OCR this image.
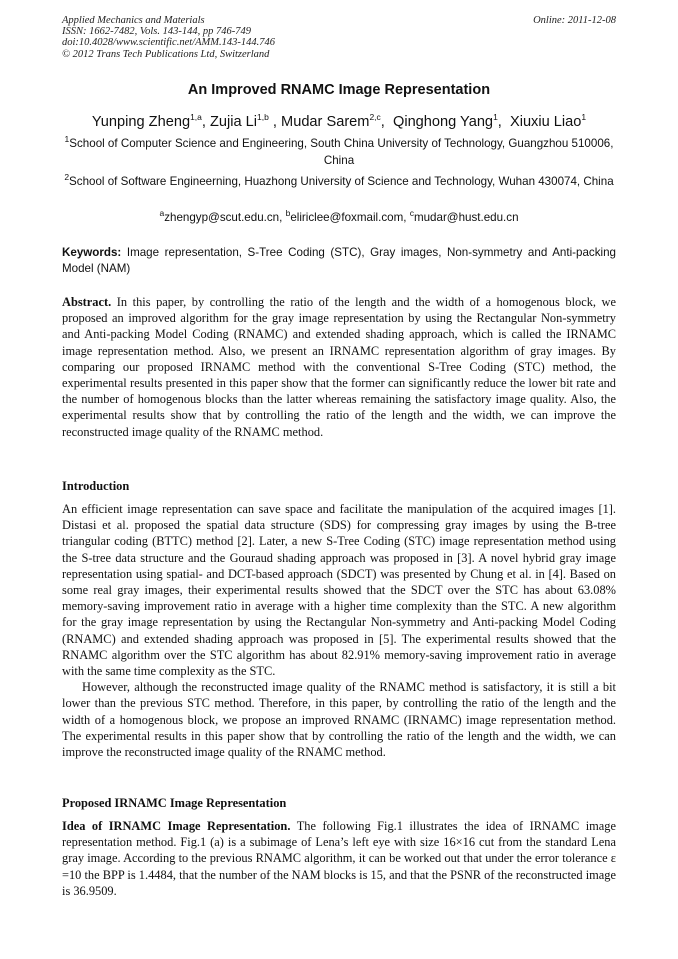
Applied Mechanics and Materials
ISSN: 1662-7482, Vols. 143-144, pp 746-749
doi:10.4028/www.scientific.net/AMM.143-144.746
© 2012 Trans Tech Publications Ltd, Switzerland
Online: 2011-12-08
An Improved RNAMC Image Representation
Yunping Zheng$^{1,a}$, Zujia Li$^{1,b}$ , Mudar Sarem$^{2,c}$,  Qinghong Yang$^1$,  Xiuxiu Liao$^1$
$^1$School of Computer Science and Engineering, South China University of Technology, Guangzhou 510006, China
$^2$School of Software Engineerning, Huazhong University of Science and Technology, Wuhan 430074, China
$^a$zhengyp@scut.edu.cn, $^b$eliriclee@foxmail.com, $^c$mudar@hust.edu.cn
Keywords: Image representation, S-Tree Coding (STC), Gray images, Non-symmetry and Anti-packing Model (NAM)

Abstract. In this paper, by controlling the ratio of the length and the width of a homogenous block, we proposed an improved algorithm for the gray image representation by using the Rectangular Non-symmetry and Anti-packing Model Coding (RNAMC) and extended shading approach, which is called the IRNAMC image representation method. Also, we present an IRNAMC representation algorithm of gray images. By comparing our proposed IRNAMC method with the conventional S-Tree Coding (STC) method, the experimental results presented in this paper show that the former can significantly reduce the lower bit rate and the number of homogenous blocks than the latter whereas remaining the satisfactory image quality. Also, the experimental results show that by controlling the ratio of the length and the width, we can improve the reconstructed image quality of the RNAMC method.

Introduction

An efficient image representation can save space and facilitate the manipulation of the acquired images [1]. Distasi et al. proposed the spatial data structure (SDS) for compressing gray images by using the B-tree triangular coding (BTTC) method [2]. Later, a new S-Tree Coding (STC) image representation method using the S-tree data structure and the Gouraud shading approach was proposed in [3]. A novel hybrid gray image representation using spatial- and DCT-based approach (SDCT) was presented by Chung et al. in [4]. Based on some real gray images, their experimental results showed that the SDCT over the STC has about 63.08% memory-saving improvement ratio in average with a higher time complexity than the STC. A new algorithm for the gray image representation by using the Rectangular Non-symmetry and Anti-packing Model Coding (RNAMC) and extended shading approach was proposed in [5]. The experimental results showed that the RNAMC algorithm over the STC algorithm has about 82.91% memory-saving improvement ratio in average with the same time complexity as the STC.

However, although the reconstructed image quality of the RNAMC method is satisfactory, it is still a bit lower than the previous STC method. Therefore, in this paper, by controlling the ratio of the length and the width of a homogenous block, we propose an improved RNAMC (IRNAMC) image representation method. The experimental results in this paper show that by controlling the ratio of the length and the width, we can improve the reconstructed image quality of the RNAMC method.

Proposed IRNAMC Image Representation

Idea of IRNAMC Image Representation. The following Fig.1 illustrates the idea of IRNAMC image representation method. Fig.1 (a) is a subimage of Lena’s left eye with size 16×16 cut from the standard Lena gray image. According to the previous RNAMC algorithm, it can be worked out that under the error tolerance ε =10 the BPP is 1.4484, that the number of the NAM blocks is 15, and that the PSNR of the reconstructed image is 36.9509.
